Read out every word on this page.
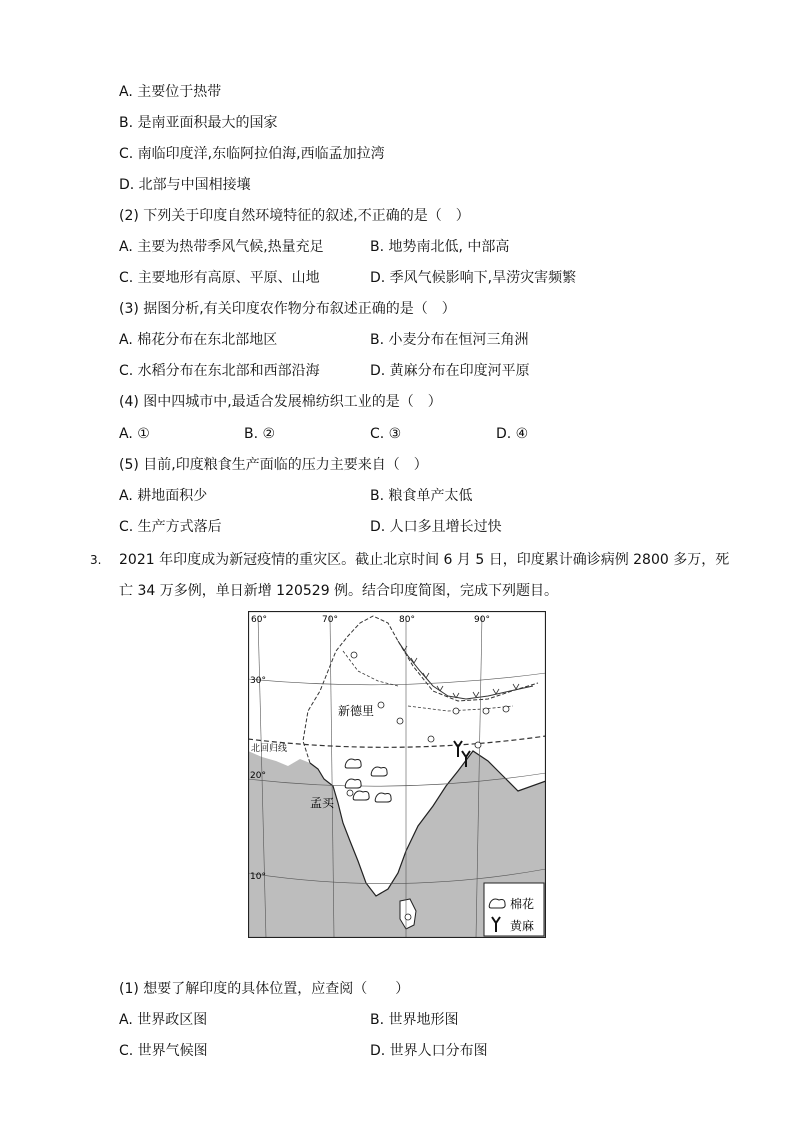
A. 主要位于热带
B. 是南亚面积最大的国家
C. 南临印度洋,东临阿拉伯海,西临孟加拉湾
D. 北部与中国相接壤
(2) 下列关于印度自然环境特征的叙述,不正确的是（　）
A. 主要为热带季风气候,热量充足	B. 地势南北低, 中部高
C. 主要地形有高原、平原、山地	D. 季风气候影响下,旱涝灾害频繁
(3) 据图分析,有关印度农作物分布叙述正确的是（　）
A. 棉花分布在东北部地区	B. 小麦分布在恒河三角洲
C. 水稻分布在东北部和西部沿海	D. 黄麻分布在印度河平原
(4) 图中四城市中,最适合发展棉纺织工业的是（　）
A. ①	B. ②	C. ③	D. ④
(5) 目前,印度粮食生产面临的压力主要来自（　）
A. 耕地面积少	B. 粮食单产太低
C. 生产方式落后	D. 人口多且增长过快
3. 2021 年印度成为新冠疫情的重灾区。截止北京时间 6 月 5 日，印度累计确诊病例 2800 多万，死
亡 34 万多例，单日新增 120529 例。结合印度简图，完成下列题目。
60°	70°	80°	90°
30°
20°
10°
北回归线
新德里
孟买
棉花
黄麻
(1) 想要了解印度的具体位置，应查阅（　　）
A. 世界政区图	B. 世界地形图
C. 世界气候图	D. 世界人口分布图
